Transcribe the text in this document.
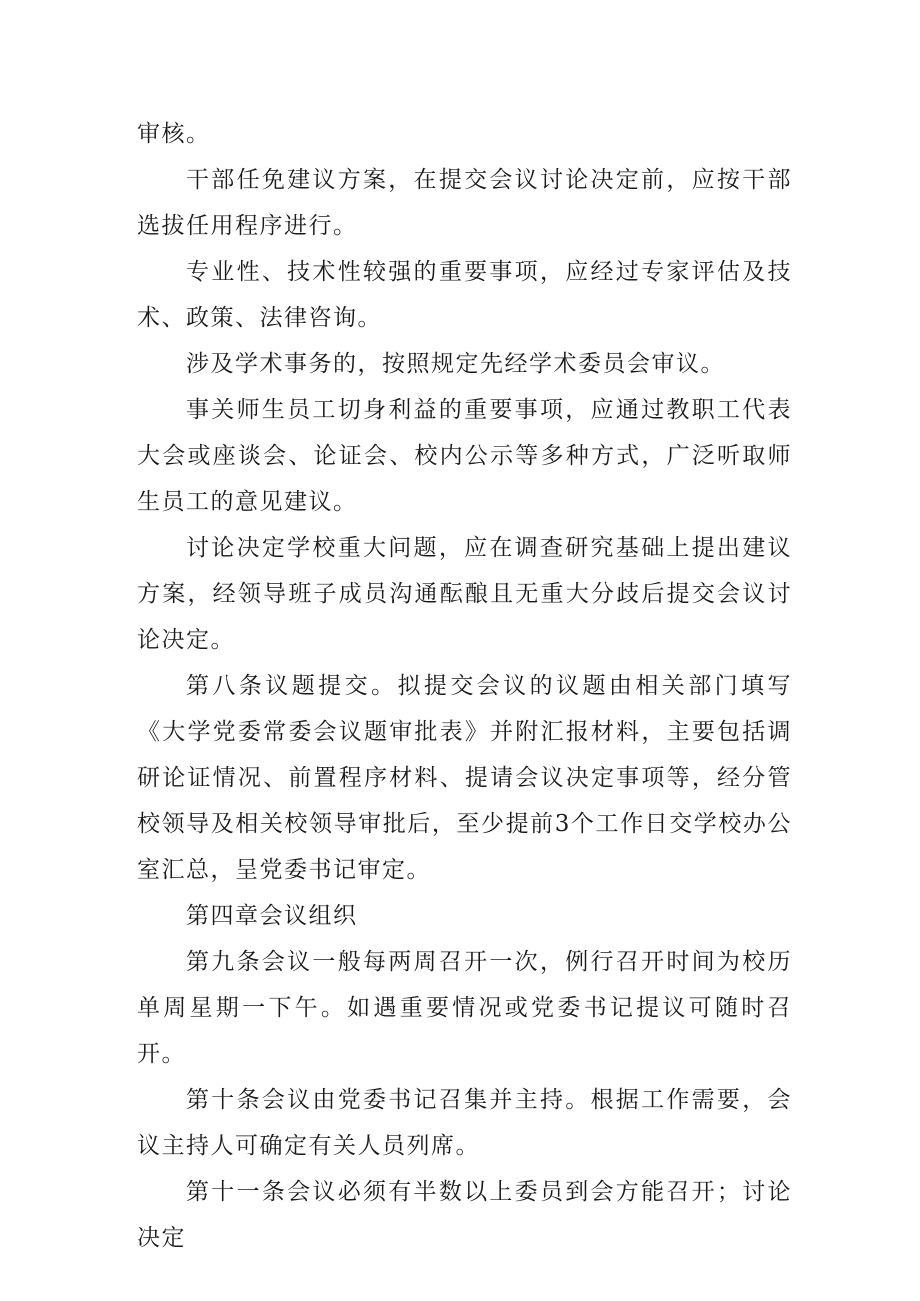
审核。

干部任免建议方案，在提交会议讨论决定前，应按干部选拔任用程序进行。

专业性、技术性较强的重要事项，应经过专家评估及技术、政策、法律咨询。

涉及学术事务的，按照规定先经学术委员会审议。

事关师生员工切身利益的重要事项，应通过教职工代表大会或座谈会、论证会、校内公示等多种方式，广泛听取师生员工的意见建议。

讨论决定学校重大问题，应在调查研究基础上提出建议方案，经领导班子成员沟通酝酿且无重大分歧后提交会议讨论决定。

第八条议题提交。拟提交会议的议题由相关部门填写《大学党委常委会议题审批表》并附汇报材料，主要包括调研论证情况、前置程序材料、提请会议决定事项等，经分管校领导及相关校领导审批后，至少提前3个工作日交学校办公室汇总，呈党委书记审定。

第四章会议组织

第九条会议一般每两周召开一次，例行召开时间为校历单周星期一下午。如遇重要情况或党委书记提议可随时召开。

第十条会议由党委书记召集并主持。根据工作需要，会议主持人可确定有关人员列席。

第十一条会议必须有半数以上委员到会方能召开；讨论决定
